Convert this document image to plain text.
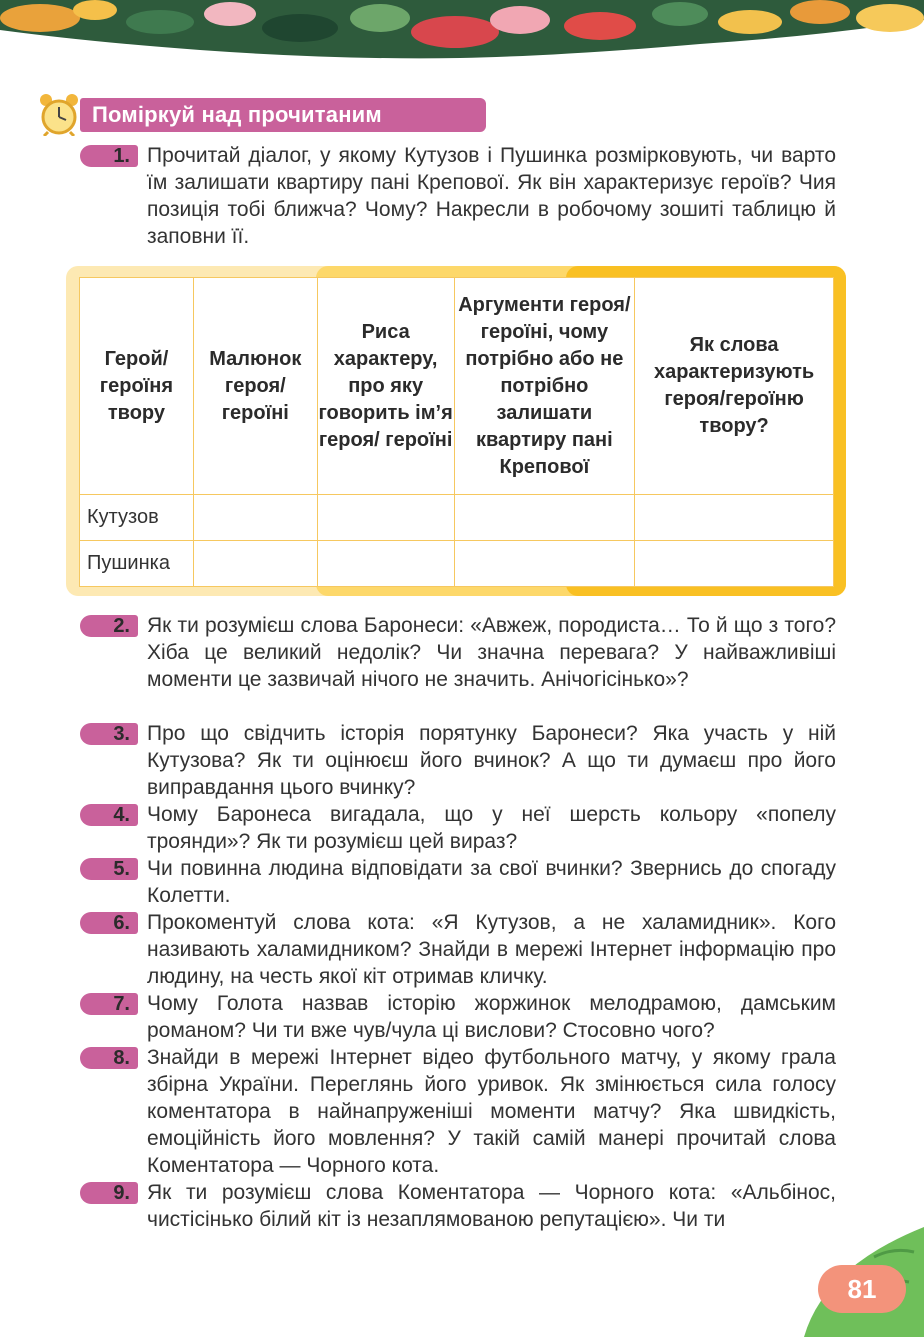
Поміркуй над прочитаним
1. Прочитай діалог, у якому Кутузов і Пушинка розмірковують, чи варто їм залишати квартиру пані Крепової. Як він характеризує героїв? Чия позиція тобі ближча? Чому? Накресли в робочому зошиті таблицю й заповни її.
Герой/ героїня твору	Малюнок героя/ героїні	Риса характеру, про яку говорить ім’я героя/ героїні	Аргументи героя/ героїні, чому потрібно або не потрібно залишати квартиру пані Крепової	Як слова характеризують героя/героїню твору?
Кутузов				
Пушинка				
2. Як ти розумієш слова Баронеси: «Авжеж, породиста… То й що з того? Хіба це великий недолік? Чи значна перевага? У найважливіші моменти це зазвичай нічого не значить. Анічогісінько»?
3. Про що свідчить історія порятунку Баронеси? Яка участь у ній Кутузова? Як ти оцінюєш його вчинок? А що ти думаєш про його виправдання цього вчинку?
4. Чому Баронеса вигадала, що у неї шерсть кольору «попелу троянди»? Як ти розумієш цей вираз?
5. Чи повинна людина відповідати за свої вчинки? Звернись до спогаду Колетти.
6. Прокоментуй слова кота: «Я Кутузов, а не халамидник». Кого називають халамидником? Знайди в мережі Інтернет інформацію про людину, на честь якої кіт отримав кличку.
7. Чому Голота назвав історію жоржинок мелодрамою, дамським романом? Чи ти вже чув/чула ці вислови? Стосовно чого?
8. Знайди в мережі Інтернет відео футбольного матчу, у якому грала збірна України. Переглянь його уривок. Як змінюється сила голосу коментатора в найнапруженіші моменти матчу? Яка швидкість, емоційність його мовлення? У такій самій манері прочитай слова Коментатора — Чорного кота.
9. Як ти розумієш слова Коментатора — Чорного кота: «Альбінос, чистісінько білий кіт із незаплямованою репутацією». Чи ти
81
